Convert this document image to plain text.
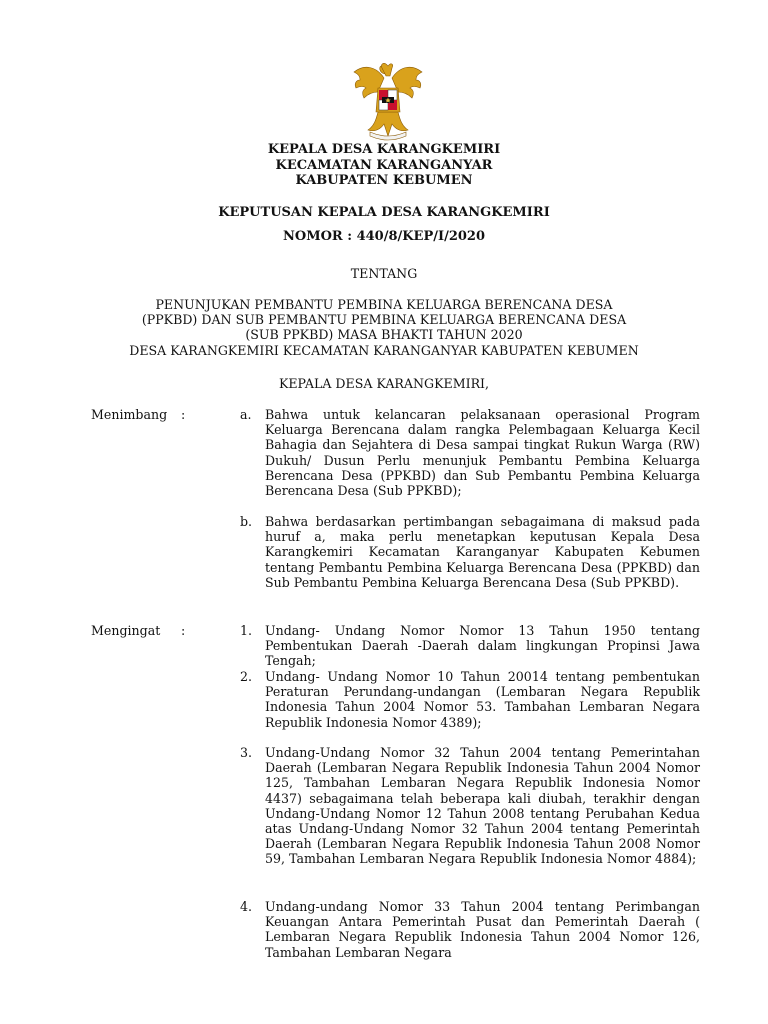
KEPALA DESA KARANGKEMIRI
KECAMATAN KARANGANYAR
KABUPATEN KEBUMEN
KEPUTUSAN KEPALA DESA KARANGKEMIRI
NOMOR : 440/8/KEP/I/2020
TENTANG
PENUNJUKAN PEMBANTU PEMBINA KELUARGA BERENCANA DESA
(PPKBD) DAN SUB PEMBANTU PEMBINA KELUARGA BERENCANA DESA
(SUB PPKBD) MASA BHAKTI TAHUN 2020
DESA KARANGKEMIRI KECAMATAN KARANGANYAR KABUPATEN KEBUMEN
KEPALA DESA KARANGKEMIRI,
Menimbang :	a. Bahwa untuk kelancaran pelaksanaan operasional Program Keluarga Berencana dalam rangka Pelembagaan Keluarga Kecil Bahagia dan Sejahtera di Desa sampai tingkat Rukun Warga (RW) Dukuh/ Dusun Perlu menunjuk Pembantu Pembina Keluarga Berencana Desa (PPKBD) dan Sub Pembantu Pembina Keluarga Berencana Desa (Sub PPKBD);

b. Bahwa berdasarkan pertimbangan sebagaimana di maksud pada huruf a, maka perlu menetapkan keputusan Kepala Desa Karangkemiri Kecamatan Karanganyar Kabupaten Kebumen tentang Pembantu Pembina Keluarga Berencana Desa (PPKBD) dan Sub Pembantu Pembina Keluarga Berencana Desa (Sub PPKBD).

Mengingat :	1. Undang- Undang Nomor Nomor 13 Tahun 1950 tentang Pembentukan Daerah -Daerah dalam lingkungan Propinsi Jawa Tengah;

2. Undang- Undang Nomor 10 Tahun 20014 tentang pembentukan Peraturan Perundang-undangan (Lembaran Negara Republik Indonesia Tahun 2004 Nomor 53. Tambahan Lembaran Negara Republik Indonesia Nomor 4389);

3. Undang-Undang Nomor 32 Tahun 2004 tentang Pemerintahan Daerah (Lembaran Negara Republik Indonesia Tahun 2004 Nomor 125, Tambahan Lembaran Negara Republik Indonesia Nomor 4437) sebagaimana telah beberapa kali diubah, terakhir dengan Undang-Undang Nomor 12 Tahun 2008 tentang Perubahan Kedua atas Undang-Undang Nomor 32 Tahun 2004 tentang Pemerintah Daerah (Lembaran Negara Republik Indonesia Tahun 2008 Nomor 59, Tambahan Lembaran Negara Republik Indonesia Nomor 4884);

4. Undang-undang Nomor 33 Tahun 2004 tentang Perimbangan Keuangan Antara Pemerintah Pusat dan Pemerintah Daerah ( Lembaran Negara Republik Indonesia Tahun 2004 Nomor 126, Tambahan Lembaran Negara
